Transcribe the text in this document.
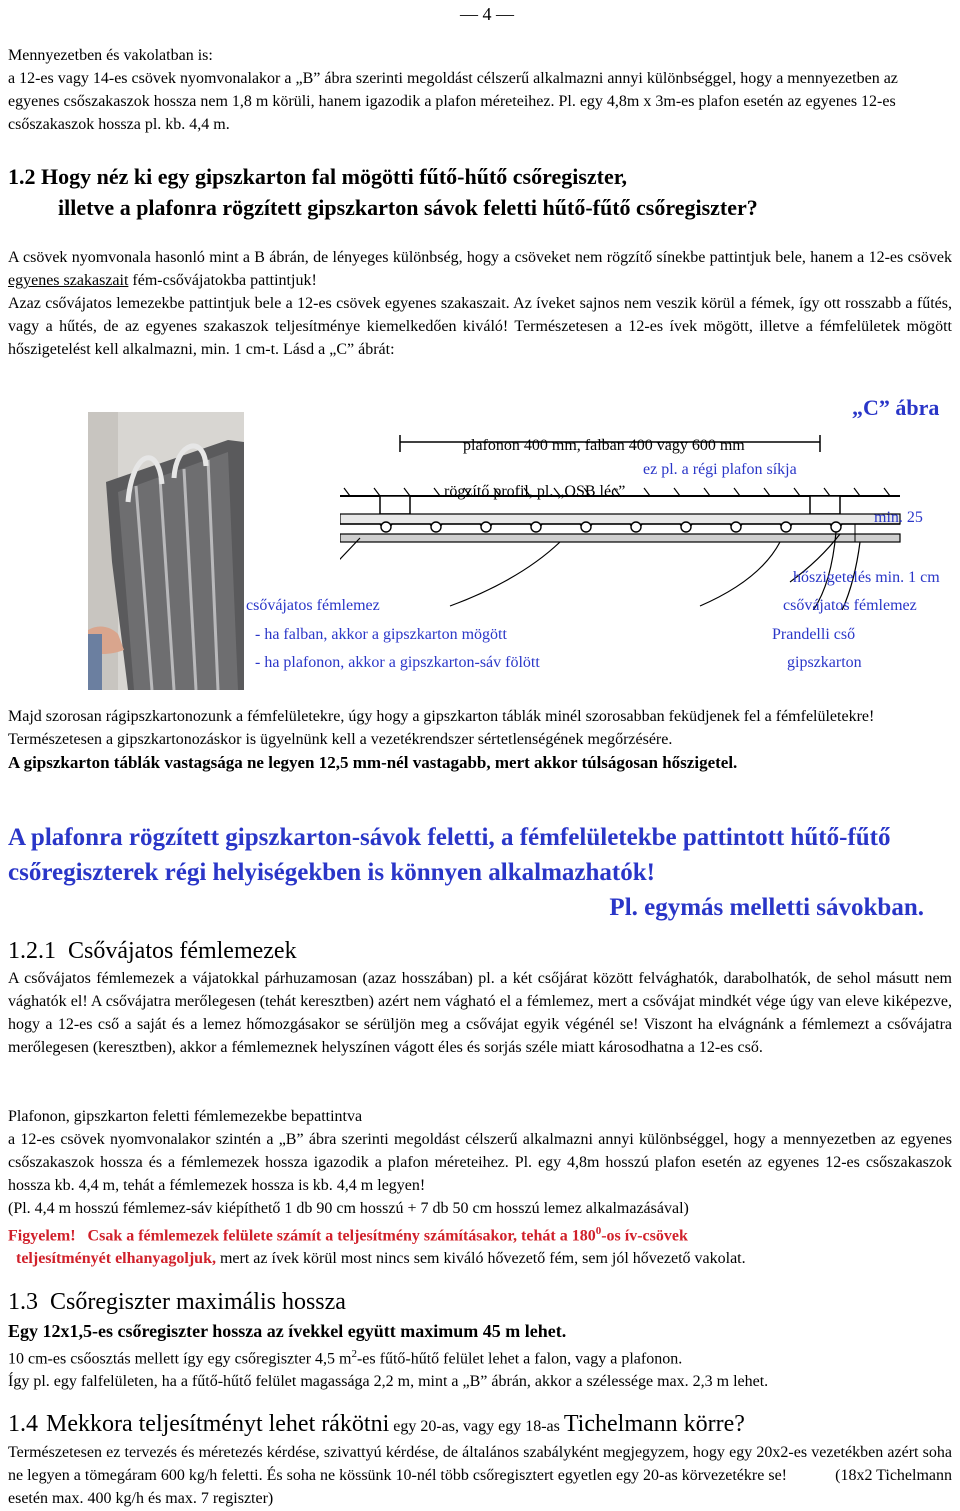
— 4 —

Mennyezetben és vakolatban is:

a 12-es vagy 14-es csövek nyomvonalakor a „B” ábra szerinti megoldást célszerű alkalmazni annyi különbséggel, hogy a mennyezetben az egyenes csőszakaszok hossza nem 1,8 m körüli, hanem igazodik a plafon méreteihez. Pl. egy 4,8m x 3m-es plafon esetén az egyenes 12-es csőszakaszok hossza pl. kb. 4,4 m.

1.2 Hogy néz ki egy gipszkarton fal mögötti fűtő-hűtő csőregiszter,
illetve a plafonra rögzített gipszkarton sávok feletti hűtő-fűtő csőregiszter?

A csövek nyomvonala hasonló mint a B ábrán, de lényeges különbség, hogy a csöveket nem rögzítő sínekbe pattintjuk bele, hanem a 12-es csövek egyenes szakaszait fém-csővájatokba pattintjuk!

Azaz csővájatos lemezekbe pattintjuk bele a 12-es csövek egyenes szakaszait. Az íveket sajnos nem veszik körül a fémek, így ott rosszabb a fűtés, vagy a hűtés, de az egyenes szakaszok teljesítménye kiemelkedően kiváló! Természetesen a 12-es ívek mögött, illetve a fémfelületek mögött hőszigetelést kell alkalmazni, min. 1 cm-t. Lásd a „C” ábrát:

„C” ábra
plafonon 400 mm, falban 400 vagy 600 mm
ez pl. a régi plafon síkja
rögzítő profil, pl. „OSB léc”
min. 25
hőszigetelés min. 1 cm
csővájatos fémlemez	csővájatos fémlemez
- ha falban, akkor a gipszkarton mögött	Prandelli cső
- ha plafonon, akkor a gipszkarton-sáv fölött	gipszkarton

Majd szorosan rágipszkartonozunk a fémfelületekre, úgy hogy a gipszkarton táblák minél szorosabban feküdjenek fel a fémfelületekre!

Természetesen a gipszkartonozáskor is ügyelnünk kell a vezetékrendszer sértetlenségének megőrzésére.

A gipszkarton táblák vastagsága ne legyen 12,5 mm-nél vastagabb, mert akkor túlságosan hőszigetel.

A plafonra rögzített gipszkarton-sávok feletti, a fémfelületekbe pattintott hűtő-fűtő csőregiszterek régi helyiségekben is könnyen alkalmazhatók!

Pl. egymás melletti sávokban.

1.2.1 Csővájatos fémlemezek

A csővájatos fémlemezek a vájatokkal párhuzamosan (azaz hosszában) pl. a két csőjárat között felvághatók, darabolhatók, de sehol másutt nem vághatók el! A csővájatra merőlegesen (tehát keresztben) azért nem vágható el a fémlemez, mert a csővájat mindkét vége úgy van eleve kiképezve, hogy a 12-es cső a saját és a lemez hőmozgásakor se sérüljön meg a csővájat egyik végénél se! Viszont ha elvágnánk a fémlemezt a csővájatra merőlegesen (keresztben), akkor a fémlemeznek helyszínen vágott éles és sorjás széle miatt károsodhatna a 12-es cső.

Plafonon, gipszkarton feletti fémlemezekbe bepattintva

a 12-es csövek nyomvonalakor szintén a „B” ábra szerinti megoldást célszerű alkalmazni annyi különbséggel, hogy a mennyezetben az egyenes csőszakaszok hossza és a fémlemezek hossza igazodik a plafon méreteihez. Pl. egy 4,8m hosszú plafon esetén az egyenes 12-es csőszakaszok hossza kb. 4,4 m, tehát a fémlemezek hossza is kb. 4,4 m legyen!

(Pl. 4,4 m hosszú fémlemez-sáv kiépíthető 1 db 90 cm hosszú + 7 db 50 cm hosszú lemez alkalmazásával)

Figyelem! Csak a fémlemezek felülete számít a teljesítmény számításakor, tehát a $180^0-os$ ív-csövek

teljesítményét elhanyagoljuk, mert az ívek körül most nincs sem kiváló hővezető fém, sem jól hővezető vakolat.

1.3 Csőregiszter maximális hossza

Egy 12x1,5-es csőregiszter hossza az ívekkel együtt maximum 45 m lehet.

10 cm-es csőosztás mellett így egy csőregiszter 4,5 $m^2-es$ fűtő-hűtő felület lehet a falon, vagy a plafonon.

Így pl. egy falfelületen, ha a fűtő-hűtő felület magassága 2,2 m, mint a „B” ábrán, akkor a szélessége max. 2,3 m lehet.

1.4 Mekkora teljesítményt lehet rákötni egy 20-as, vagy egy 18-as Tichelmann körre?

Természetesen ez tervezés és méretezés kérdése, szivattyú kérdése, de általános szabályként megjegyzem, hogy egy 20x2-es vezetékben azért soha ne legyen a tömegáram 600 kg/h feletti. És soha ne kössünk 10-nél több csőregisztert egyetlen egy 20-as körvezetékre se!	(18x2 Tichelmann esetén max. 400 kg/h és max. 7 regiszter)
